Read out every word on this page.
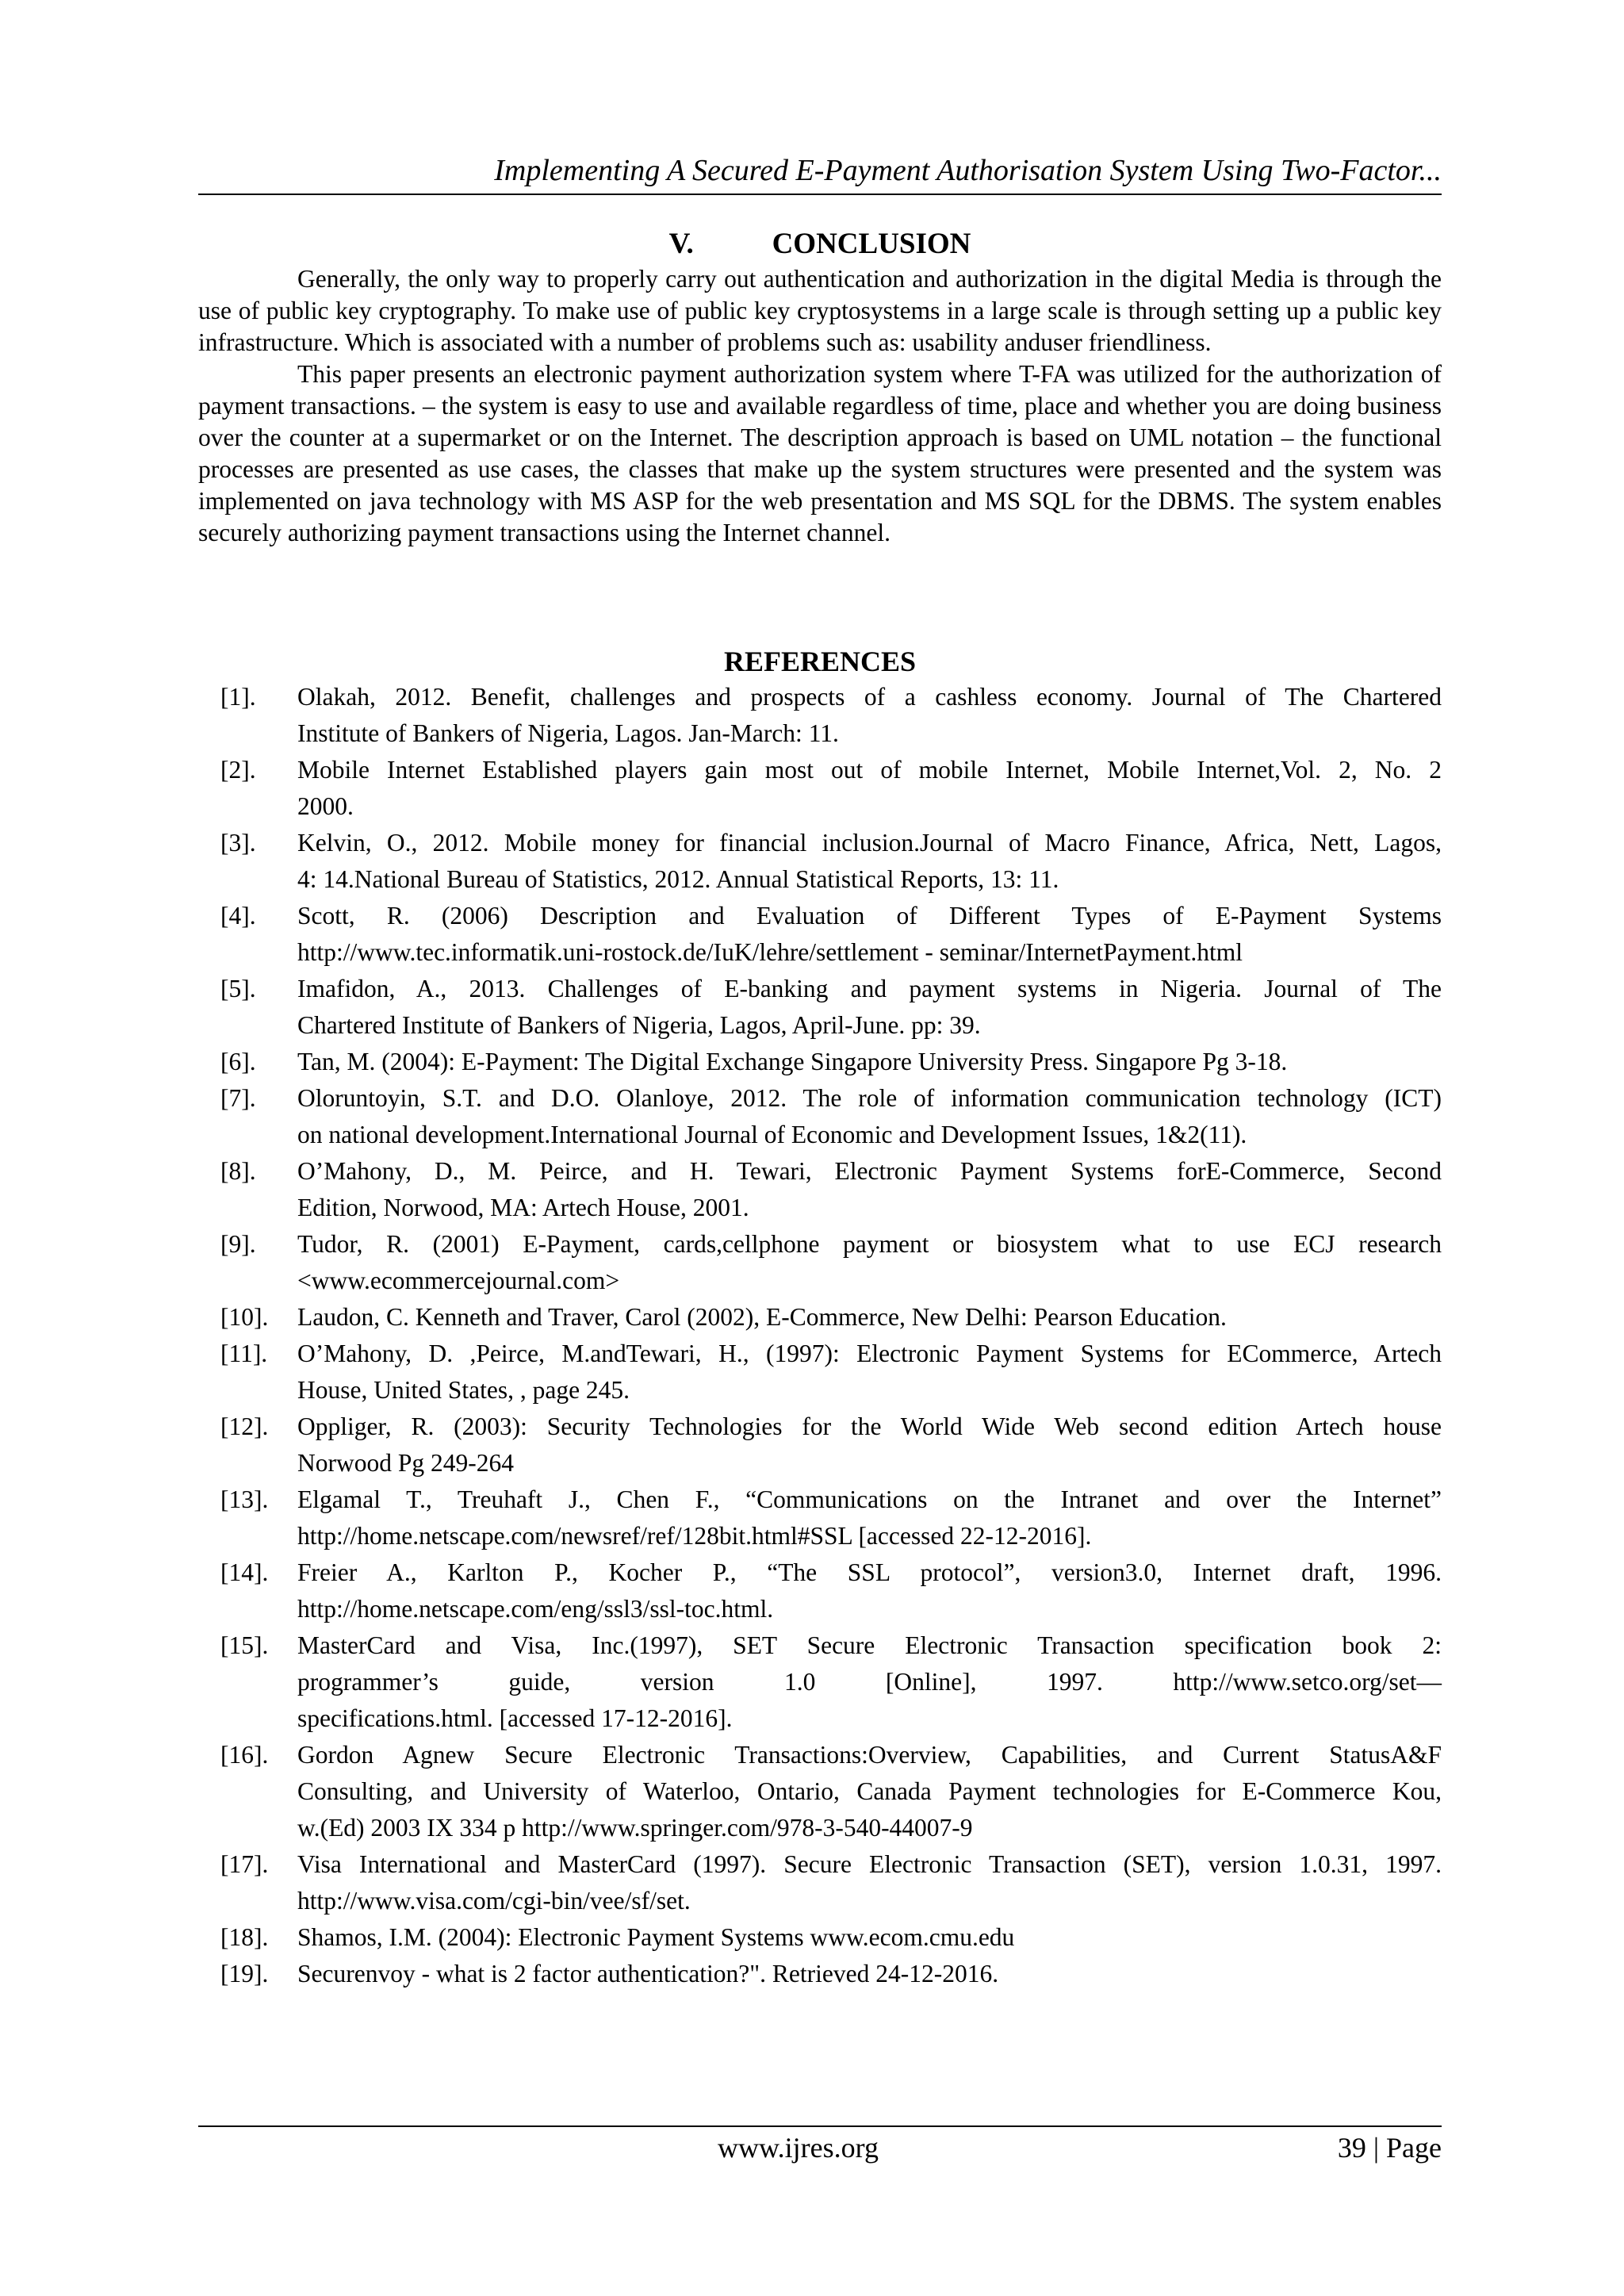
Implementing A Secured E-Payment Authorisation System Using Two-Factor...
V.	CONCLUSION

Generally, the only way to properly carry out authentication and authorization in the digital Media is through the use of public key cryptography. To make use of public key cryptosystems in a large scale is through setting up a public key infrastructure. Which is associated with a number of problems such as: usability anduser friendliness.

This paper presents an electronic payment authorization system where T-FA was utilized for the authorization of payment transactions. – the system is easy to use and available regardless of time, place and whether you are doing business over the counter at a supermarket or on the Internet. The description approach is based on UML notation – the functional processes are presented as use cases, the classes that make up the system structures were presented and the system was implemented on java technology with MS ASP for the web presentation and MS SQL for the DBMS. The system enables securely authorizing payment transactions using the Internet channel.

REFERENCES
[1].	Olakah, 2012. Benefit, challenges and prospects of a cashless economy. Journal of The Chartered
Institute of Bankers of Nigeria, Lagos. Jan-March: 11.
[2].	Mobile Internet Established players gain most out of mobile Internet, Mobile Internet,Vol. 2, No. 2
2000.
[3].	Kelvin, O., 2012. Mobile money for financial inclusion.Journal of Macro Finance, Africa, Nett, Lagos,
4: 14.National Bureau of Statistics, 2012. Annual Statistical Reports, 13: 11.
[4].	Scott, R. (2006) Description and Evaluation of Different Types of E-Payment Systems
http://www.tec.informatik.uni-rostock.de/IuK/lehre/settlement - seminar/InternetPayment.html
[5].	Imafidon, A., 2013. Challenges of E-banking and payment systems in Nigeria. Journal of The
Chartered Institute of Bankers of Nigeria, Lagos, April-June. pp: 39.
[6].	Tan, M. (2004): E-Payment: The Digital Exchange Singapore University Press. Singapore Pg 3-18.
[7].	Oloruntoyin, S.T. and D.O. Olanloye, 2012. The role of information communication technology (ICT)
on national development.International Journal of Economic and Development Issues, 1&2(11).
[8].	O’Mahony, D., M. Peirce, and H. Tewari, Electronic Payment Systems forE-Commerce, Second
Edition, Norwood, MA: Artech House, 2001.
[9].	Tudor, R. (2001) E-Payment, cards,cellphone payment or biosystem what to use ECJ research
<www.ecommercejournal.com>
[10].	Laudon, C. Kenneth and Traver, Carol (2002), E-Commerce, New Delhi: Pearson Education.
[11].	O’Mahony, D. ,Peirce, M.andTewari, H., (1997): Electronic Payment Systems for ECommerce, Artech
House, United States, , page 245.
[12].	Oppliger, R. (2003): Security Technologies for the World Wide Web second edition Artech house
Norwood Pg 249-264
[13].	Elgamal T., Treuhaft J., Chen F., “Communications on the Intranet and over the Internet”
http://home.netscape.com/newsref/ref/128bit.html#SSL [accessed 22-12-2016].
[14].	Freier A., Karlton P., Kocher P., “The SSL protocol”, version3.0, Internet draft, 1996.
http://home.netscape.com/eng/ssl3/ssl-toc.html.
[15].	MasterCard and Visa, Inc.(1997), SET Secure Electronic Transaction specification book 2:
programmer’s guide, version 1.0 [Online], 1997. http://www.setco.org/set—
specifications.html. [accessed 17-12-2016].
[16].	Gordon Agnew Secure Electronic Transactions:Overview, Capabilities, and Current StatusA&F
Consulting, and University of Waterloo, Ontario, Canada Payment technologies for E-Commerce Kou,
w.(Ed) 2003 IX 334 p http://www.springer.com/978-3-540-44007-9
[17].	Visa International and MasterCard (1997). Secure Electronic Transaction (SET), version 1.0.31, 1997.
http://www.visa.com/cgi-bin/vee/sf/set.
[18].	Shamos, I.M. (2004): Electronic Payment Systems www.ecom.cmu.edu
[19].	Securenvoy - what is 2 factor authentication?". Retrieved 24-12-2016.
www.ijres.org	39 | Page
